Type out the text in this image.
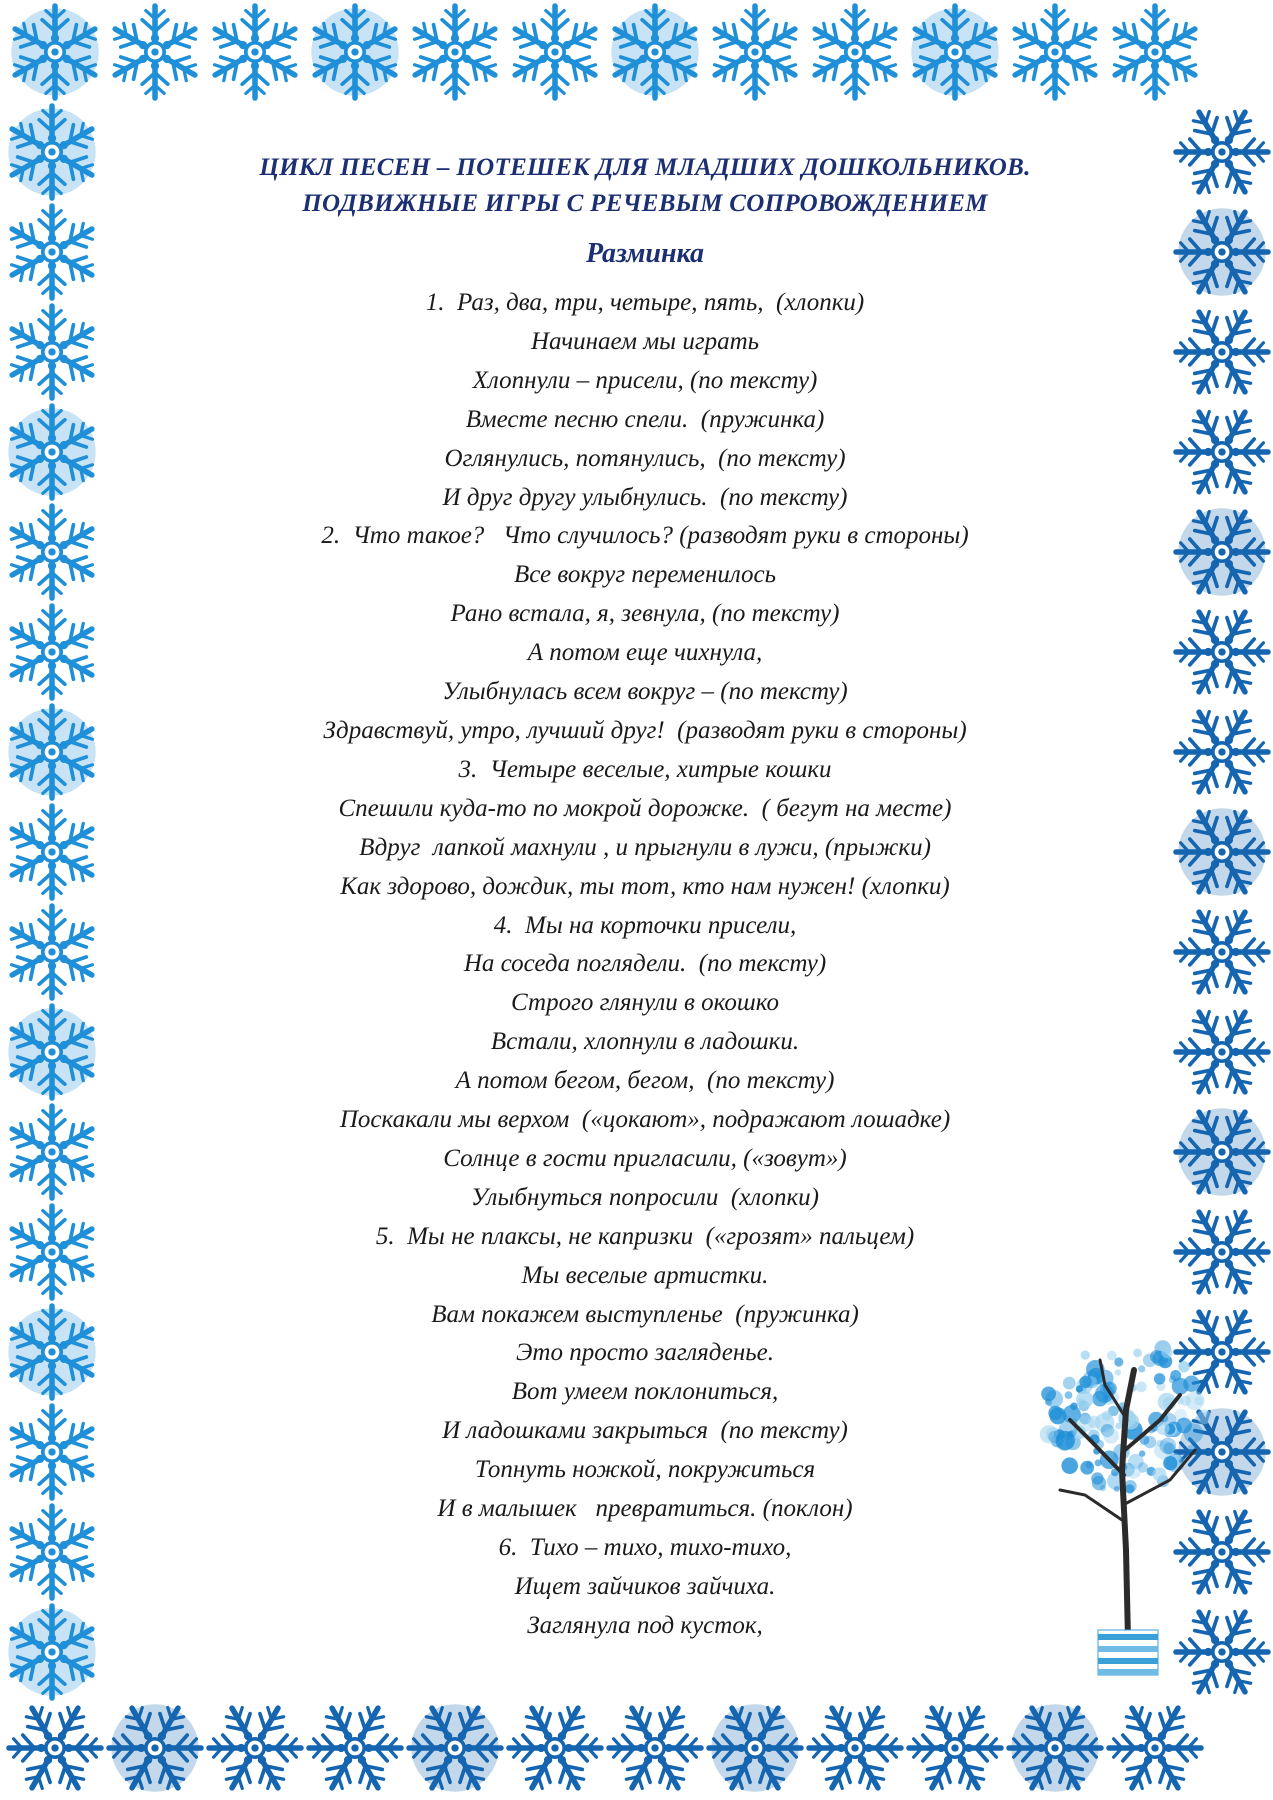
ЦИКЛ ПЕСЕН – ПОТЕШЕК ДЛЯ МЛАДШИХ ДОШКОЛЬНИКОВ.
ПОДВИЖНЫЕ ИГРЫ С РЕЧЕВЫМ СОПРОВОЖДЕНИЕМ
Разминка
1.  Раз, два, три, четыре, пять,  (хлопки)
Начинаем мы играть
Хлопнули – присели, (по тексту)
Вместе песню спели.  (пружинка)
Оглянулись, потянулись,  (по тексту)
И друг другу улыбнулись.  (по тексту)
2.  Что такое?   Что случилось? (разводят руки в стороны)
Все вокруг переменилось
Рано встала, я, зевнула, (по тексту)
А потом еще чихнула,
Улыбнулась всем вокруг – (по тексту)
Здравствуй, утро, лучший друг!  (разводят руки в стороны)
3.  Четыре веселые, хитрые кошки
Спешили куда-то по мокрой дорожке.  ( бегут на месте)
Вдруг  лапкой махнули , и прыгнули в лужи, (прыжки)
Как здорово, дождик, ты тот, кто нам нужен! (хлопки)
4.  Мы на корточки присели,
На соседа поглядели.  (по тексту)
Строго глянули в окошко
Встали, хлопнули в ладошки.
А потом бегом, бегом,  (по тексту)
Поскакали мы верхом  («цокают», подражают лошадке)
Солнце в гости пригласили, («зовут»)
Улыбнуться попросили  (хлопки)
5.  Мы не плаксы, не капризки  («грозят» пальцем)
Мы веселые артистки.
Вам покажем выступленье  (пружинка)
Это просто загляденье.
Вот умеем поклониться,
И ладошками закрыться  (по тексту)
Топнуть ножкой, покружиться
И в малышек   превратиться. (поклон)
6.  Тихо – тихо, тихо-тихо,
Ищет зайчиков зайчиха.
Заглянула под кусток,
